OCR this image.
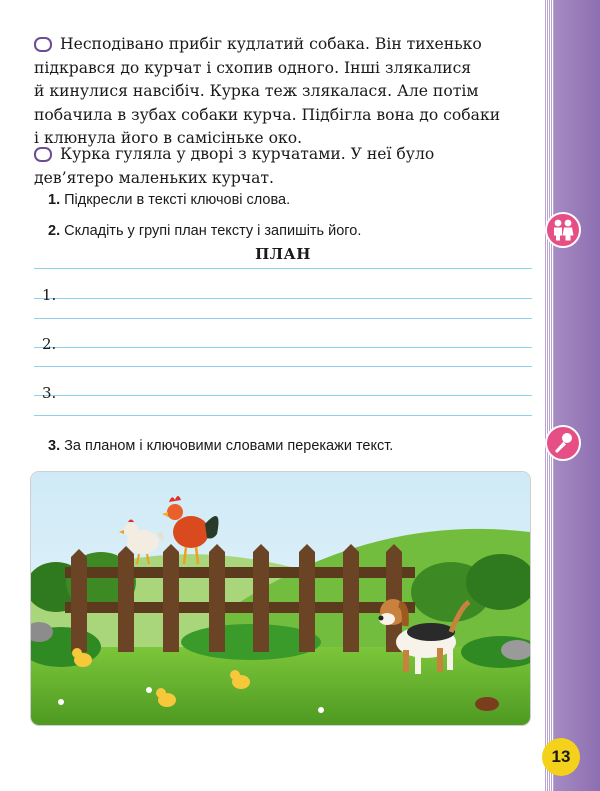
13
Несподівано прибіг кудлатий собака. Він тихенько
підкрався до курчат і схопив одного. Інші злякалися
й кинулися навсібіч. Курка теж злякалася. Але потім
побачила в зубах собаки курча. Підбігла вона до собаки
і клюнула його в самісіньке око.
Курка гуляла у дворі з курчатами. У неї було
дев’ятеро маленьких курчат.
1. Підкресли в тексті ключові слова.
2. Складіть у групі план тексту і запишіть його.
ПЛАН
1.
2.
3.
3. За планом і ключовими словами перекажи текст.
